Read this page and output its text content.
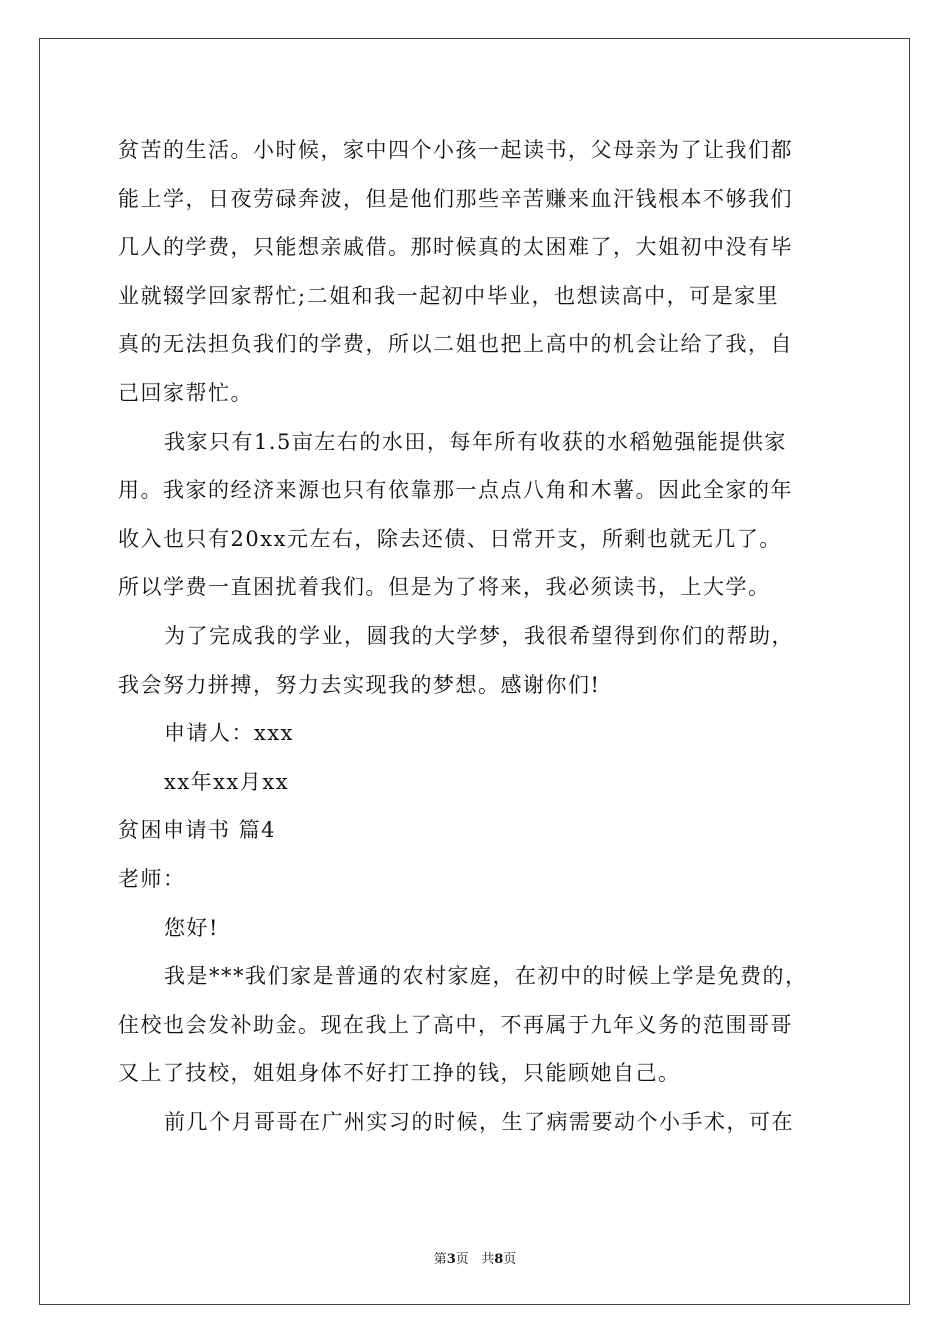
贫苦的生活。小时候，家中四个小孩一起读书，父母亲为了让我们都

能上学，日夜劳碌奔波，但是他们那些辛苦赚来血汗钱根本不够我们

几人的学费，只能想亲戚借。那时候真的太困难了，大姐初中没有毕

业就辍学回家帮忙;二姐和我一起初中毕业，也想读高中，可是家里

真的无法担负我们的学费，所以二姐也把上高中的机会让给了我，自

己回家帮忙。

我家只有1.5亩左右的水田，每年所有收获的水稻勉强能提供家

用。我家的经济来源也只有依靠那一点点八角和木薯。因此全家的年

收入也只有20xx元左右，除去还债、日常开支，所剩也就无几了。

所以学费一直困扰着我们。但是为了将来，我必须读书，上大学。

为了完成我的学业，圆我的大学梦，我很希望得到你们的帮助，

我会努力拼搏，努力去实现我的梦想。感谢你们!

申请人：xxx

xx年xx月xx

贫困申请书 篇4

老师：

您好!

我是***我们家是普通的农村家庭，在初中的时候上学是免费的，

住校也会发补助金。现在我上了高中，不再属于九年义务的范围哥哥

又上了技校，姐姐身体不好打工挣的钱，只能顾她自己。

前几个月哥哥在广州实习的时候，生了病需要动个小手术，可在

第3页 共8页
